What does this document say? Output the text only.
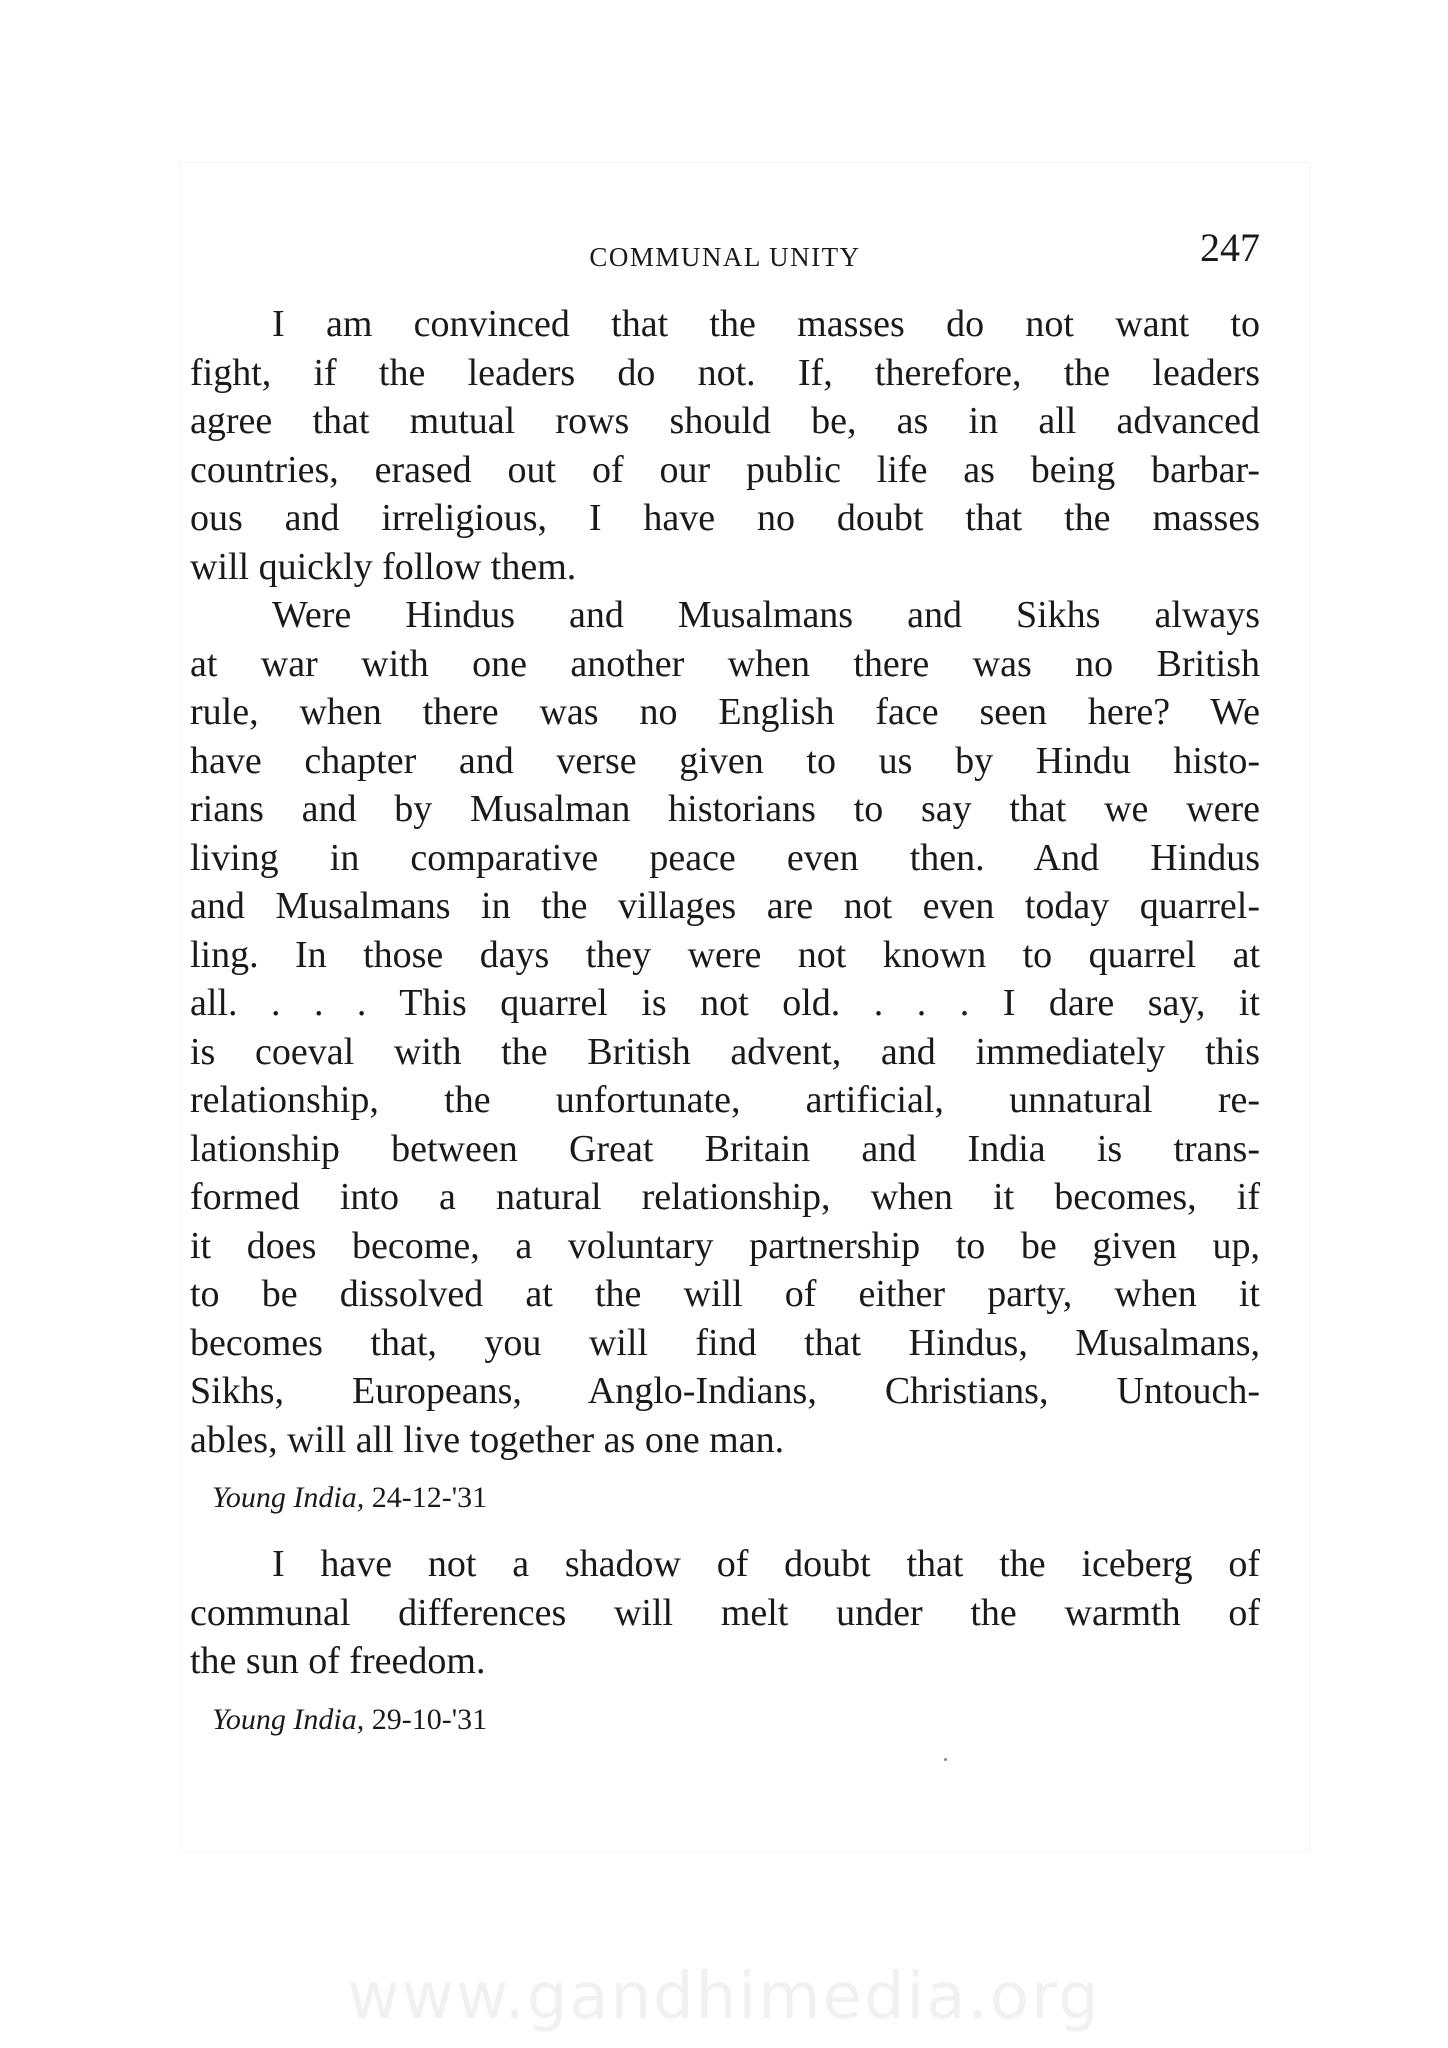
COMMUNAL UNITY	247
I am convinced that the masses do not want to
fight, if the leaders do not. If, therefore, the leaders
agree that mutual rows should be, as in all advanced
countries, erased out of our public life as being barbar-
ous and irreligious, I have no doubt that the masses
will quickly follow them.
Were Hindus and Musalmans and Sikhs always
at war with one another when there was no British
rule, when there was no English face seen here? We
have chapter and verse given to us by Hindu histo-
rians and by Musalman historians to say that we were
living in comparative peace even then. And Hindus
and Musalmans in the villages are not even today quarrel-
ling. In those days they were not known to quarrel at
all. . . . This quarrel is not old. . . . I dare say, it
is coeval with the British advent, and immediately this
relationship, the unfortunate, artificial, unnatural re-
lationship between Great Britain and India is trans-
formed into a natural relationship, when it becomes, if
it does become, a voluntary partnership to be given up,
to be dissolved at the will of either party, when it
becomes that, you will find that Hindus, Musalmans,
Sikhs, Europeans, Anglo-Indians, Christians, Untouch-
ables, will all live together as one man.
Young India, 24-12-'31
I have not a shadow of doubt that the iceberg of
communal differences will melt under the warmth of
the sun of freedom.
Young India, 29-10-'31
www.gandhimedia.org
